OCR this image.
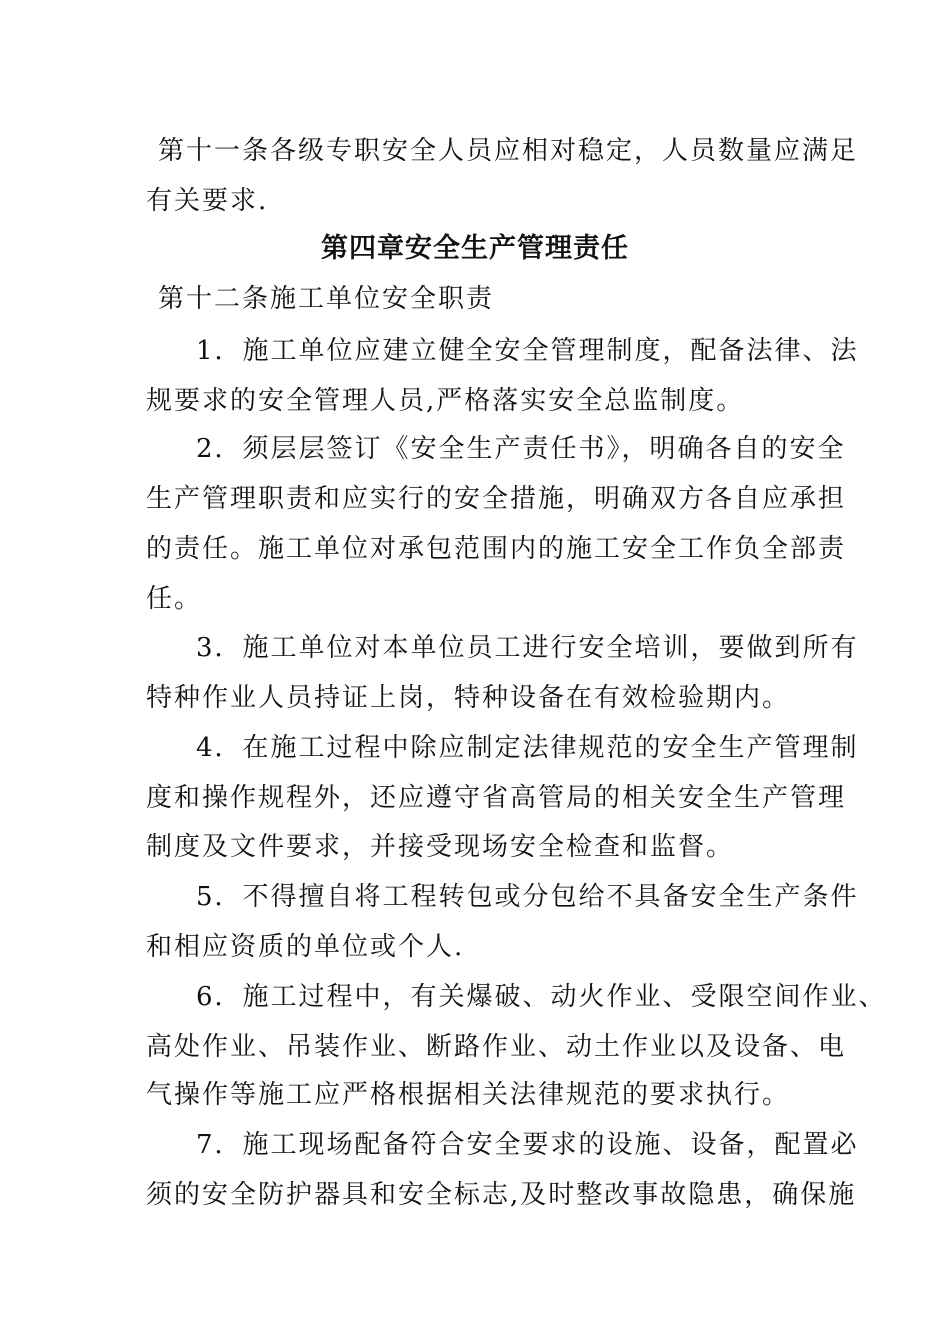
第十一条各级专职安全人员应相对稳定，人员数量应满足
有关要求.
第四章安全生产管理责任
第十二条施工单位安全职责
1．施工单位应建立健全安全管理制度，配备法律、法
规要求的安全管理人员,严格落实安全总监制度。
2．须层层签订《安全生产责任书》，明确各自的安全
生产管理职责和应实行的安全措施，明确双方各自应承担
的责任。施工单位对承包范围内的施工安全工作负全部责
任。
3．施工单位对本单位员工进行安全培训，要做到所有
特种作业人员持证上岗，特种设备在有效检验期内。
4．在施工过程中除应制定法律规范的安全生产管理制
度和操作规程外，还应遵守省高管局的相关安全生产管理
制度及文件要求，并接受现场安全检查和监督。
5．不得擅自将工程转包或分包给不具备安全生产条件
和相应资质的单位或个人.
6．施工过程中，有关爆破、动火作业、受限空间作业、
高处作业、吊装作业、断路作业、动土作业以及设备、电
气操作等施工应严格根据相关法律规范的要求执行。
7．施工现场配备符合安全要求的设施、设备，配置必
须的安全防护器具和安全标志,及时整改事故隐患，确保施
